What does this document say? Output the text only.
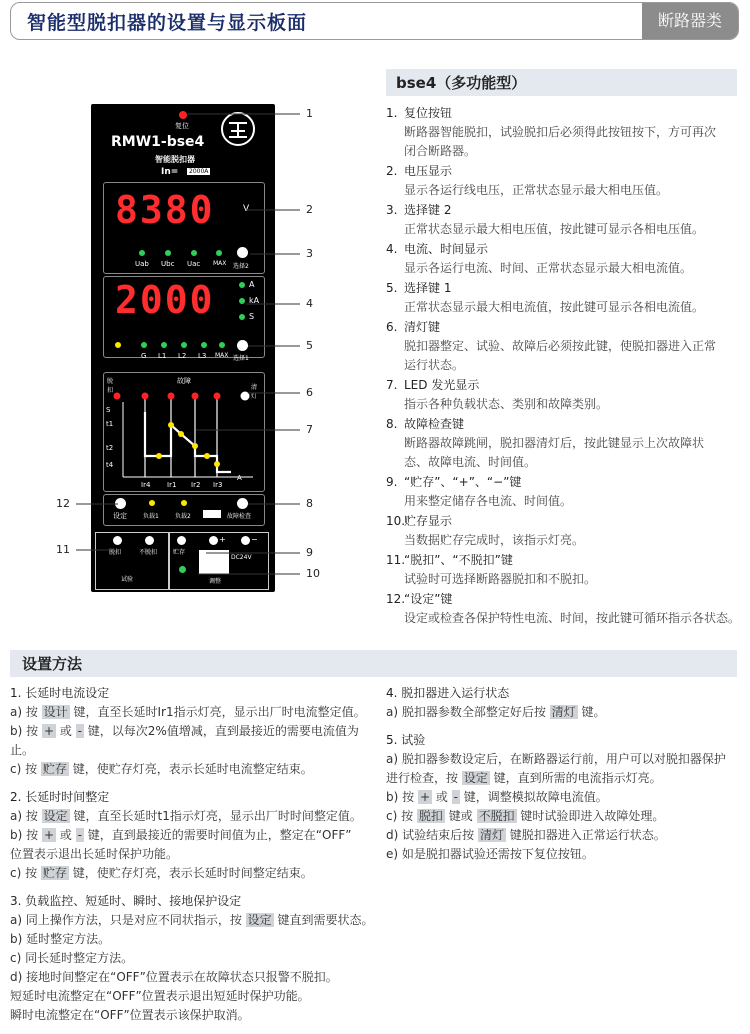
智能型脱扣器的设置与显示板面	断路器类
复位
RMW1-bse4
智能脱扣器
In=	2000A
8380	V
Uab Ubc Uac MAX 选择2
2000	A
kA
S
G L1 L2 L3 MAX 选择1
故障
脱扣	清灯
S
t1
t2
t4
Ir4 Ir1 Ir2 Ir3
A
设定	负载1	负载2	故障检查
脱扣	不脱扣
试验
贮存
+	−
DC24V
调整
1
2
3
4
5
6
7
8
9
10
11
12
bse4（多功能型）
1. 复位按钮
断路器智能脱扣，试验脱扣后必须得此按钮按下，方可再次
闭合断路器。
2. 电压显示
显示各运行线电压，正常状态显示最大相电压值。
3. 选择键 2
正常状态显示最大相电压值，按此键可显示各相电压值。
4. 电流、时间显示
显示各运行电流、时间、正常状态显示最大相电流值。
5. 选择键 1
正常状态显示最大相电流值，按此键可显示各相电流值。
6. 清灯键
脱扣器整定、试验、故障后必须按此键，使脱扣器进入正常
运行状态。
7. LED 发光显示
指示各种负载状态、类别和故障类别。
8. 故障检查键
断路器故障跳闸，脱扣器清灯后，按此键显示上次故障状
态、故障电流、时间值。
9. “贮存”、“+”、“−”键
用来整定储存各电流、时间值。
10.
贮存显示
当数据贮存完成时，该指示灯亮。
11.
“脱扣”、“不脱扣”键
试验时可选择断路器脱扣和不脱扣。
12.
“设定”键
设定或检查各保护特性电流、时间，按此键可循环指示各状态。
设置方法
1. 长延时电流设定
a) 按 设计 键，直至长延时Ir1指示灯亮，显示出厂时电流整定值。
b) 按 + 或 - 键，以每次2%值增减，直到最接近的需要电流值为止。
c) 按 贮存 键，使贮存灯亮，表示长延时电流整定结束。
2. 长延时时间整定
a) 按 设定 键，直至长延时t1指示灯亮，显示出厂时时间整定值。
b) 按 + 或 - 键，直到最接近的需要时间值为止，整定在“OFF”
位置表示退出长延时保护功能。
c) 按 贮存 键，使贮存灯亮，表示长延时时间整定结束。
3. 负载监控、短延时、瞬时、接地保护设定
a) 同上操作方法，只是对应不同状指示，按 设定 键直到需要状态。
b) 延时整定方法。
c) 同长延时整定方法。
d) 接地时间整定在“OFF”位置表示在故障状态只报警不脱扣。
短延时电流整定在“OFF”位置表示退出短延时保护功能。
瞬时电流整定在“OFF”位置表示该保护取消。
4. 脱扣器进入运行状态
a) 脱扣器参数全部整定好后按 清灯 键。
5. 试验
a) 脱扣器参数设定后，在断路器运行前，用户可以对脱扣器保护
进行检查，按 设定 键，直到所需的电流指示灯亮。
b) 按 + 或 - 键，调整模拟故障电流值。
c) 按 脱扣 键或 不脱扣 键时试验即进入故障处理。
d) 试验结束后按 清灯 键脱扣器进入正常运行状态。
e) 如是脱扣器试验还需按下复位按钮。
